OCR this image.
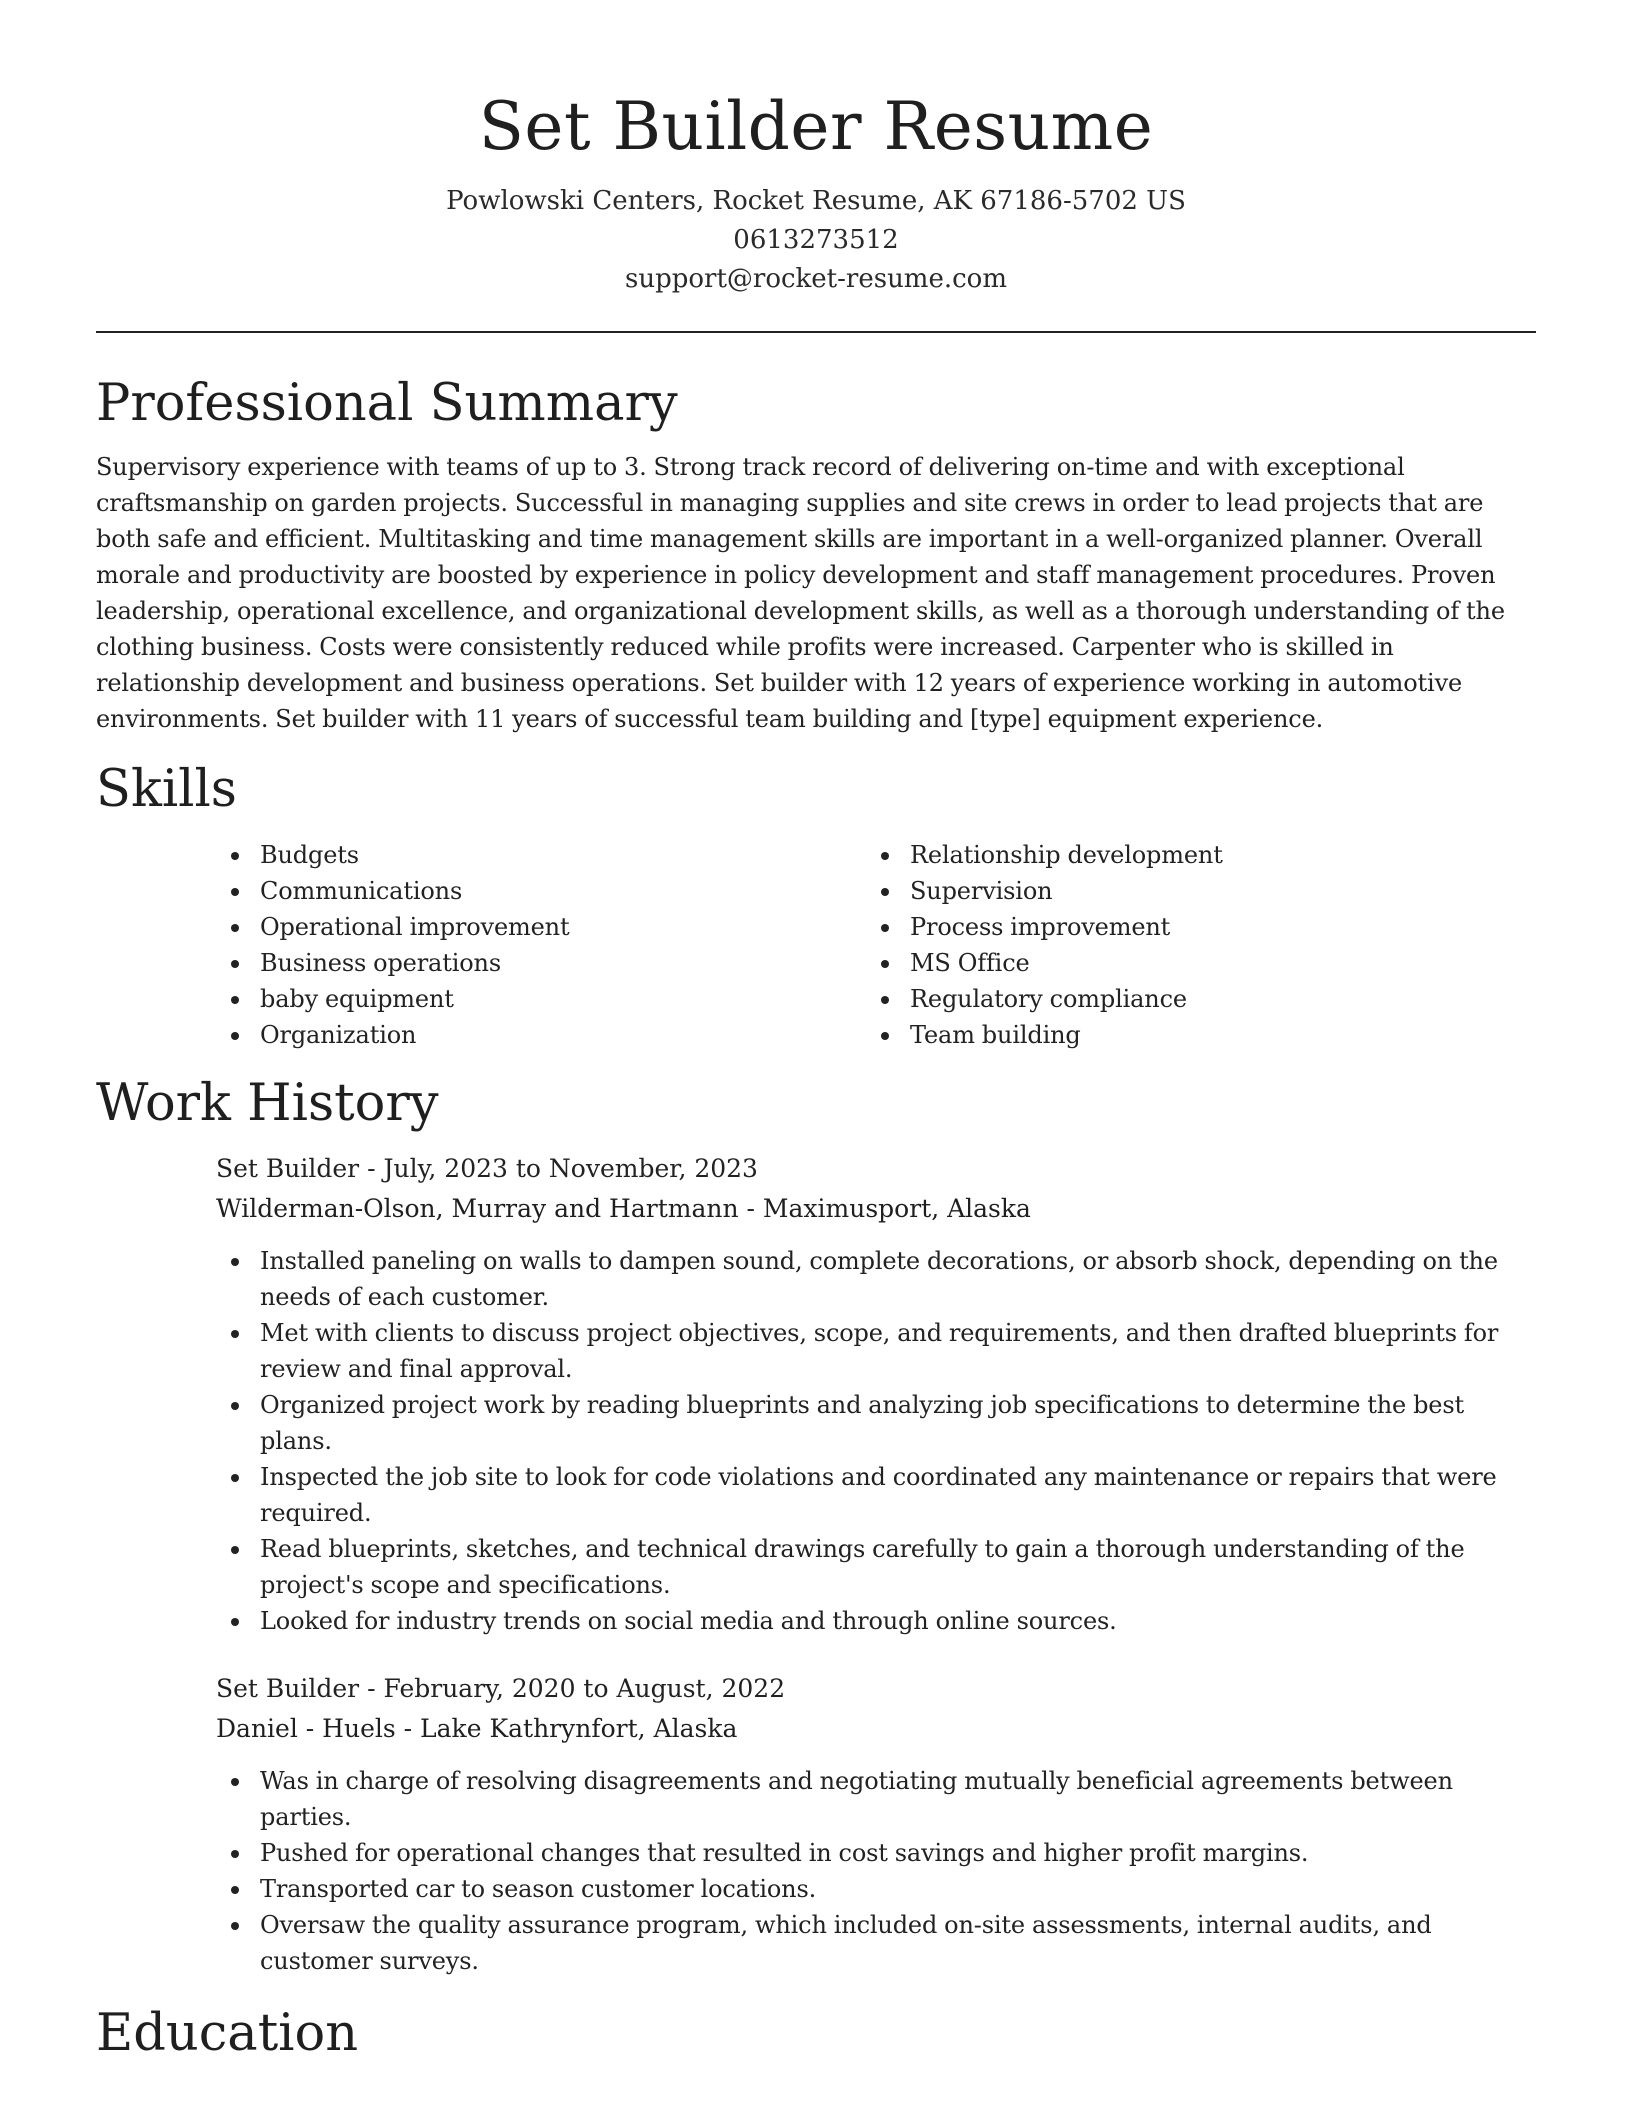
Set Builder Resume

Powlowski Centers, Rocket Resume, AK 67186-5702 US

0613273512

support@rocket-resume.com

Professional Summary

Supervisory experience with teams of up to 3. Strong track record of delivering on-time and with exceptional craftsmanship on garden projects. Successful in managing supplies and site crews in order to lead projects that are both safe and efficient. Multitasking and time management skills are important in a well-organized planner. Overall morale and productivity are boosted by experience in policy development and staff management procedures. Proven leadership, operational excellence, and organizational development skills, as well as a thorough understanding of the clothing business. Costs were consistently reduced while profits were increased. Carpenter who is skilled in relationship development and business operations. Set builder with 12 years of experience working in automotive environments. Set builder with 11 years of successful team building and [type] equipment experience.

Skills
Budgets
Communications
Operational improvement
Business operations
baby equipment
Organization
Relationship development
Supervision
Process improvement
MS Office
Regulatory compliance
Team building
Work History

Set Builder - July, 2023 to November, 2023

Wilderman-Olson, Murray and Hartmann - Maximusport, Alaska

Installed paneling on walls to dampen sound, complete decorations, or absorb shock, depending on the needs of each customer.
Met with clients to discuss project objectives, scope, and requirements, and then drafted blueprints for review and final approval.
Organized project work by reading blueprints and analyzing job specifications to determine the best plans.
Inspected the job site to look for code violations and coordinated any maintenance or repairs that were required.
Read blueprints, sketches, and technical drawings carefully to gain a thorough understanding of the project's scope and specifications.
Looked for industry trends on social media and through online sources.

Set Builder - February, 2020 to August, 2022

Daniel - Huels - Lake Kathrynfort, Alaska

Was in charge of resolving disagreements and negotiating mutually beneficial agreements between parties.
Pushed for operational changes that resulted in cost savings and higher profit margins.
Transported car to season customer locations.
Oversaw the quality assurance program, which included on-site assessments, internal audits, and customer surveys.
Education
